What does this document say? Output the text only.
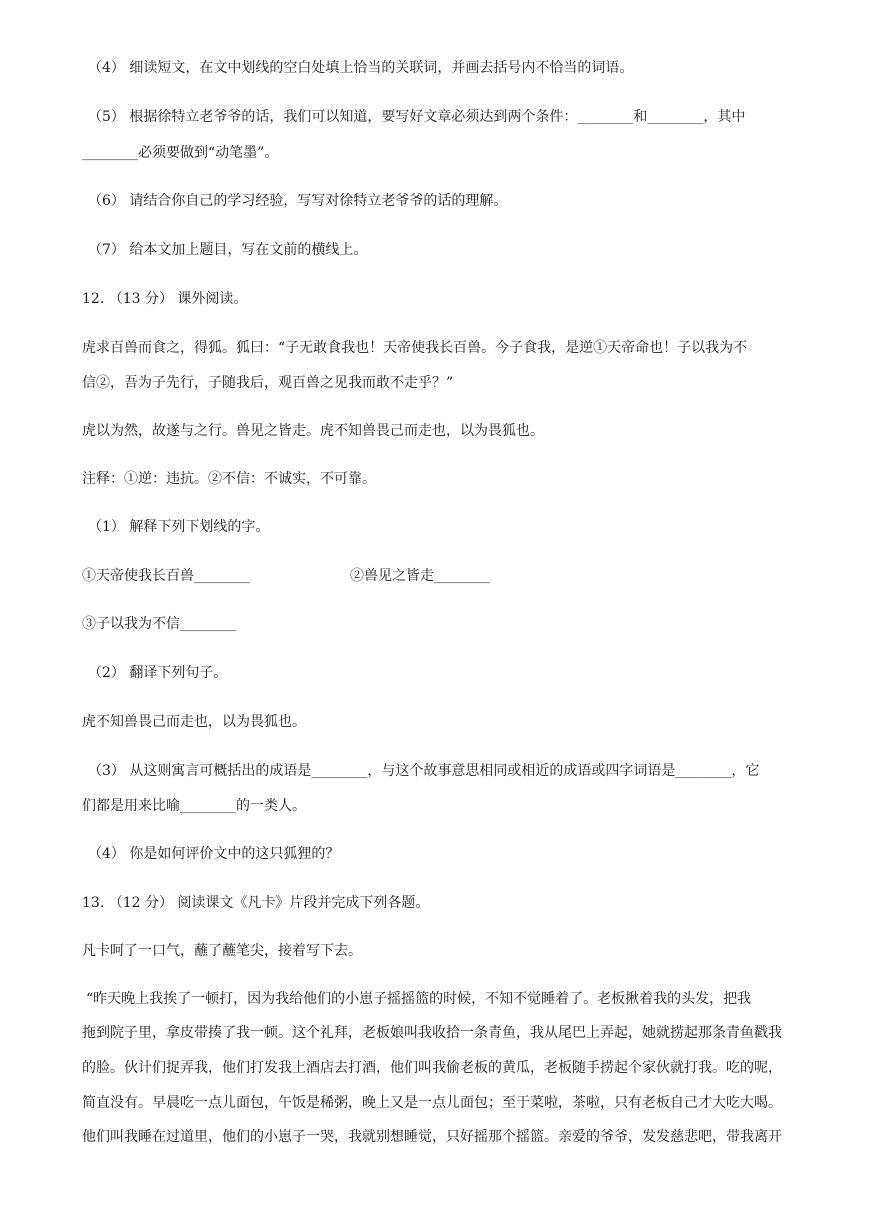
（4） 细读短文，在文中划线的空白处填上恰当的关联词，并画去括号内不恰当的词语。
（5） 根据徐特立老爷爷的话，我们可以知道，要写好文章必须达到两个条件：________和________，其中
________必须要做到“动笔墨”。
（6） 请结合你自己的学习经验，写写对徐特立老爷爷的话的理解。
（7） 给本文加上题目，写在文前的横线上。
12. （13 分） 课外阅读。
虎求百兽而食之，得狐。狐曰：“子无敢食我也！天帝使我长百兽。今子食我，是逆①天帝命也！子以我为不
信②，吾为子先行，子随我后，观百兽之见我而敢不走乎？”
虎以为然，故遂与之行。兽见之皆走。虎不知兽畏己而走也，以为畏狐也。
注释：①逆：违抗。②不信：不诚实，不可靠。
（1） 解释下列下划线的字。
①天帝使我长百兽________	②兽见之皆走________
③子以我为不信________
（2） 翻译下列句子。
虎不知兽畏己而走也，以为畏狐也。
（3） 从这则寓言可概括出的成语是________，与这个故事意思相同或相近的成语或四字词语是________，它
们都是用来比喻________的一类人。
（4） 你是如何评价文中的这只狐狸的？
13. （12 分） 阅读课文《凡卡》片段并完成下列各题。
凡卡呵了一口气，蘸了蘸笔尖，接着写下去。
“昨天晚上我挨了一顿打，因为我给他们的小崽子摇摇篮的时候，不知不觉睡着了。老板揪着我的头发，把我
拖到院子里，拿皮带揍了我一顿。这个礼拜，老板娘叫我收拾一条青鱼，我从尾巴上弄起，她就捞起那条青鱼戳我
的脸。伙计们捉弄我，他们打发我上酒店去打酒，他们叫我偷老板的黄瓜，老板随手捞起个家伙就打我。吃的呢，
简直没有。早晨吃一点儿面包，午饭是稀粥，晚上又是一点儿面包；至于菜啦，茶啦，只有老板自己才大吃大喝。
他们叫我睡在过道里，他们的小崽子一哭，我就别想睡觉，只好摇那个摇篮。亲爱的爷爷，发发慈悲吧，带我离开
